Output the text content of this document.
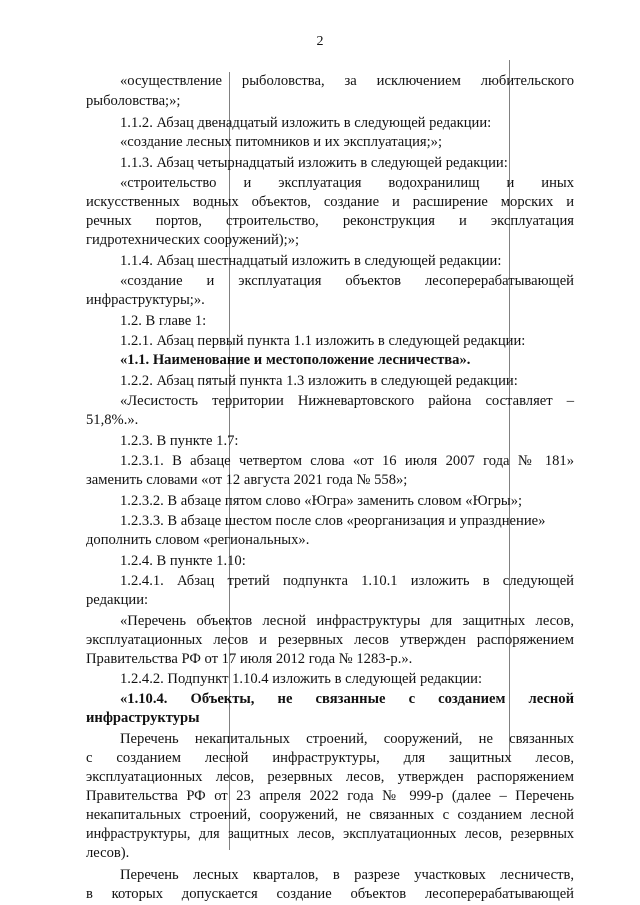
2
«осуществление рыболовства, за исключением любительского
рыболовства;»;
1.1.2. Абзац двенадцатый изложить в следующей редакции:
«создание лесных питомников и их эксплуатация;»;
1.1.3. Абзац четырнадцатый изложить в следующей редакции:
«строительство и эксплуатация водохранилищ и иных
искусственных водных объектов, создание и расширение морских и
речных портов, строительство, реконструкция и эксплуатация
гидротехнических сооружений);»;
1.1.4. Абзац шестнадцатый изложить в следующей редакции:
«создание и эксплуатация объектов лесоперерабатывающей
инфраструктуры;».
1.2. В главе 1:
1.2.1. Абзац первый пункта 1.1 изложить в следующей редакции:
«1.1. Наименование и местоположение лесничества».
1.2.2. Абзац пятый пункта 1.3 изложить в следующей редакции:
«Лесистость территории Нижневартовского района составляет –
51,8%.».
1.2.3. В пункте 1.7:
1.2.3.1. В абзаце четвертом слова «от 16 июля 2007 года № 181»
заменить словами «от 12 августа 2021 года № 558»;
1.2.3.2. В абзаце пятом слово «Югра» заменить словом «Югры»;
1.2.3.3. В абзаце шестом после слов «реорганизация и упразднение»
дополнить словом «региональных».
1.2.4. В пункте 1.10:
1.2.4.1. Абзац третий подпункта 1.10.1 изложить в следующей
редакции:
«Перечень объектов лесной инфраструктуры для защитных лесов,
эксплуатационных лесов и резервных лесов утвержден распоряжением
Правительства РФ от 17 июля 2012 года № 1283-р.».
1.2.4.2. Подпункт 1.10.4 изложить в следующей редакции:
«1.10.4. Объекты, не связанные с созданием лесной
инфраструктуры
Перечень некапитальных строений, сооружений, не связанных
с созданием лесной инфраструктуры, для защитных лесов,
эксплуатационных лесов, резервных лесов, утвержден распоряжением
Правительства РФ от 23 апреля 2022 года № 999-р (далее – Перечень
некапитальных строений, сооружений, не связанных с созданием лесной
инфраструктуры, для защитных лесов, эксплуатационных лесов, резервных
лесов).
Перечень лесных кварталов, в разрезе участковых лесничеств,
в которых допускается создание объектов лесоперерабатывающей
